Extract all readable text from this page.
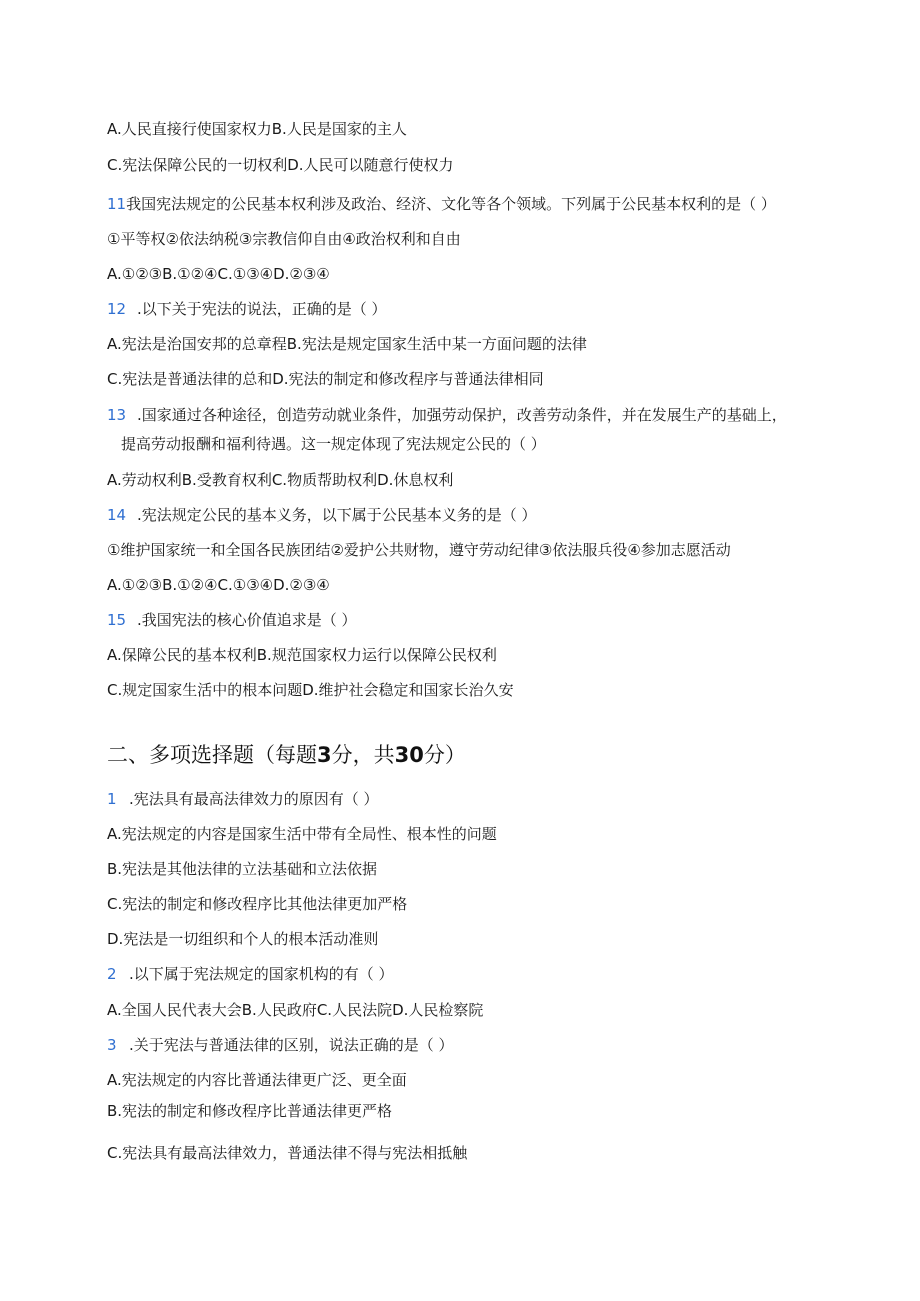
A.人民直接行使国家权力B.人民是国家的主人
C.宪法保障公民的一切权利D.人民可以随意行使权力
11我国宪法规定的公民基本权利涉及政治、经济、文化等各个领域。下列属于公民基本权利的是（ ）
①平等权②依法纳税③宗教信仰自由④政治权利和自由
A.①②③B.①②④C.①③④D.②③④
12 .以下关于宪法的说法，正确的是（ ）
A.宪法是治国安邦的总章程B.宪法是规定国家生活中某一方面问题的法律
C.宪法是普通法律的总和D.宪法的制定和修改程序与普通法律相同
13 .国家通过各种途径，创造劳动就业条件，加强劳动保护，改善劳动条件，并在发展生产的基础上，
提高劳动报酬和福利待遇。这一规定体现了宪法规定公民的（ ）
A.劳动权利B.受教育权利C.物质帮助权利D.休息权利
14 .宪法规定公民的基本义务，以下属于公民基本义务的是（ ）
①维护国家统一和全国各民族团结②爱护公共财物，遵守劳动纪律③依法服兵役④参加志愿活动
A.①②③B.①②④C.①③④D.②③④
15 .我国宪法的核心价值追求是（ ）
A.保障公民的基本权利B.规范国家权力运行以保障公民权利
C.规定国家生活中的根本问题D.维护社会稳定和国家长治久安
二、多项选择题（每题3分，共30分）
1 .宪法具有最高法律效力的原因有（ ）
A.宪法规定的内容是国家生活中带有全局性、根本性的问题
B.宪法是其他法律的立法基础和立法依据
C.宪法的制定和修改程序比其他法律更加严格
D.宪法是一切组织和个人的根本活动准则
2 .以下属于宪法规定的国家机构的有（ ）
A.全国人民代表大会B.人民政府C.人民法院D.人民检察院
3 .关于宪法与普通法律的区别，说法正确的是（ ）
A.宪法规定的内容比普通法律更广泛、更全面
B.宪法的制定和修改程序比普通法律更严格
C.宪法具有最高法律效力，普通法律不得与宪法相抵触
